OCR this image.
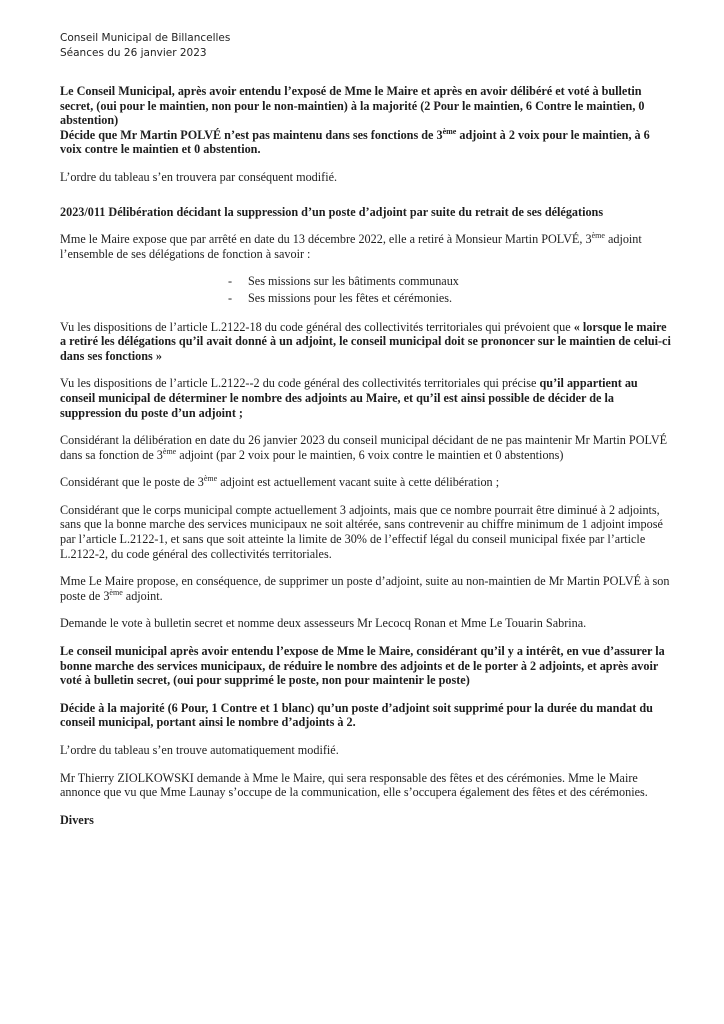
Conseil Municipal de Billancelles
Séances du 26 janvier 2023

Le Conseil Municipal, après avoir entendu l’exposé de Mme le Maire et après en avoir délibéré et voté à bulletin secret, (oui pour le maintien, non pour le non-maintien) à la majorité (2 Pour le maintien, 6 Contre le maintien, 0 abstention)
Décide que Mr Martin POLVÉ n’est pas maintenu dans ses fonctions de 3ème adjoint à 2 voix pour le maintien, à 6 voix contre le maintien et 0 abstention.

L’ordre du tableau s’en trouvera par conséquent modifié.

2023/011 Délibération décidant la suppression d’un poste d’adjoint par suite du retrait de ses délégations

Mme le Maire expose que par arrêté en date du 13 décembre 2022, elle a retiré à Monsieur Martin POLVÉ, 3ème adjoint l’ensemble de ses délégations de fonction à savoir :

- Ses missions sur les bâtiments communaux
- Ses missions pour les fêtes et cérémonies.

Vu les dispositions de l’article L.2122-18 du code général des collectivités territoriales qui prévoient que « lorsque le maire a retiré les délégations qu’il avait donné à un adjoint, le conseil municipal doit se prononcer sur le maintien de celui-ci dans ses fonctions »

Vu les dispositions de l’article L.2122--2 du code général des collectivités territoriales qui précise qu’il appartient au conseil municipal de déterminer le nombre des adjoints au Maire, et qu’il est ainsi possible de décider de la suppression du poste d’un adjoint ;

Considérant la délibération en date du 26 janvier 2023 du conseil municipal décidant de ne pas maintenir Mr Martin POLVÉ dans sa fonction de 3ème adjoint (par 2 voix pour le maintien, 6 voix contre le maintien et 0 abstentions)

Considérant que le poste de 3ème adjoint est actuellement vacant suite à cette délibération ;

Considérant que le corps municipal compte actuellement 3 adjoints, mais que ce nombre pourrait être diminué à 2 adjoints, sans que la bonne marche des services municipaux ne soit altérée, sans contrevenir au chiffre minimum de 1 adjoint imposé par l’article L.2122-1, et sans que soit atteinte la limite de 30% de l’effectif légal du conseil municipal fixée par l’article L.2122-2, du code général des collectivités territoriales.

Mme Le Maire propose, en conséquence, de supprimer un poste d’adjoint, suite au non-maintien de Mr Martin POLVÉ à son poste de 3ème adjoint.

Demande le vote à bulletin secret et nomme deux assesseurs Mr Lecocq Ronan et Mme Le Touarin Sabrina.

Le conseil municipal après avoir entendu l’expose de Mme le Maire, considérant qu’il y a intérêt, en vue d’assurer la bonne marche des services municipaux, de réduire le nombre des adjoints et de le porter à 2 adjoints, et après avoir voté à bulletin secret, (oui pour supprimé le poste, non pour maintenir le poste)

Décide à la majorité (6 Pour, 1 Contre et 1 blanc) qu’un poste d’adjoint soit supprimé pour la durée du mandat du conseil municipal, portant ainsi le nombre d’adjoints à 2.

L’ordre du tableau s’en trouve automatiquement modifié.

Mr Thierry ZIOLKOWSKI demande à Mme le Maire, qui sera responsable des fêtes et des cérémonies. Mme le Maire annonce que vu que Mme Launay s’occupe de la communication, elle s’occupera également des fêtes et des cérémonies.

Divers
